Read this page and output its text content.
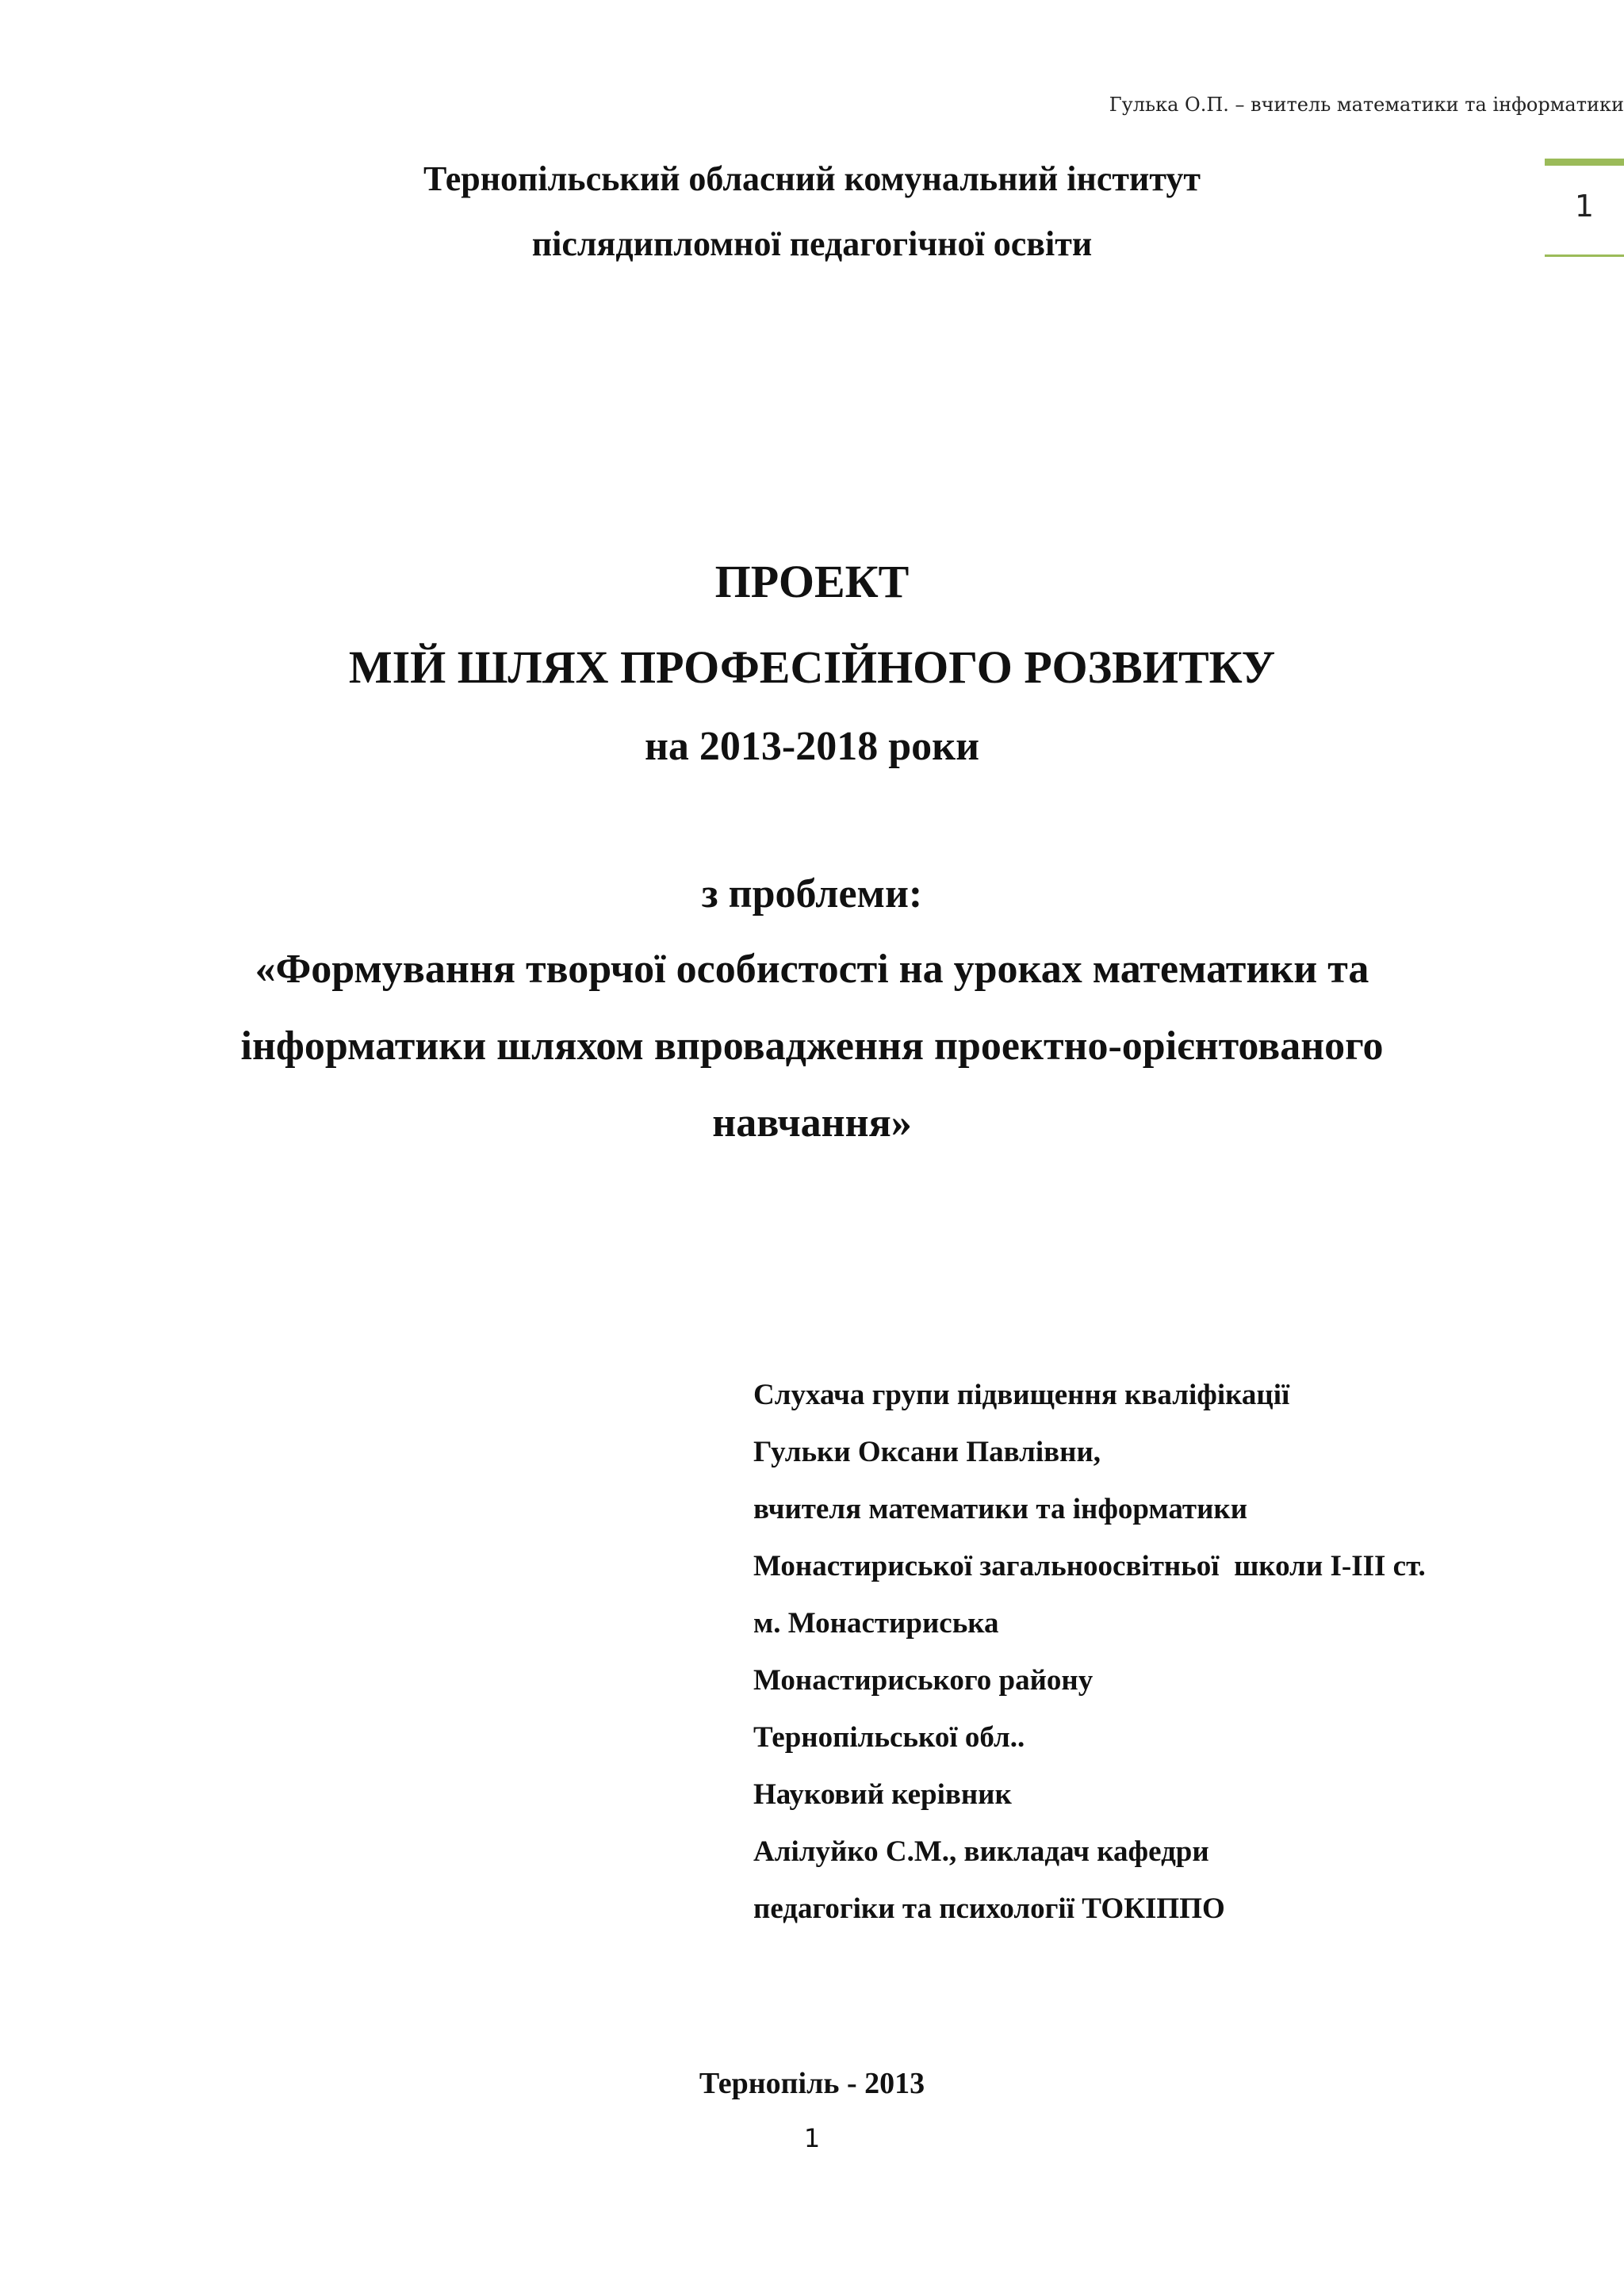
Гулька О.П. – вчитель математики та інформатики
1
Тернопільський обласний комунальний інститут
післядипломної педагогічної освіти
ПРОЕКТ
МІЙ ШЛЯХ ПРОФЕСІЙНОГО РОЗВИТКУ
на 2013-2018 роки
з проблеми:
«Формування творчої особистості на уроках математики та
інформатики шляхом впровадження проектно-орієнтованого
навчання»
Слухача групи підвищення кваліфікації
Гульки Оксани Павлівни,
вчителя математики та інформатики
Монастириської загальноосвітньої  школи І-ІІІ ст.
м. Монастириська
Монастириського району
Тернопільської обл..
Науковий керівник
Алілуйко С.М., викладач кафедри
педагогіки та психології ТОКІППО
Тернопіль - 2013
1
